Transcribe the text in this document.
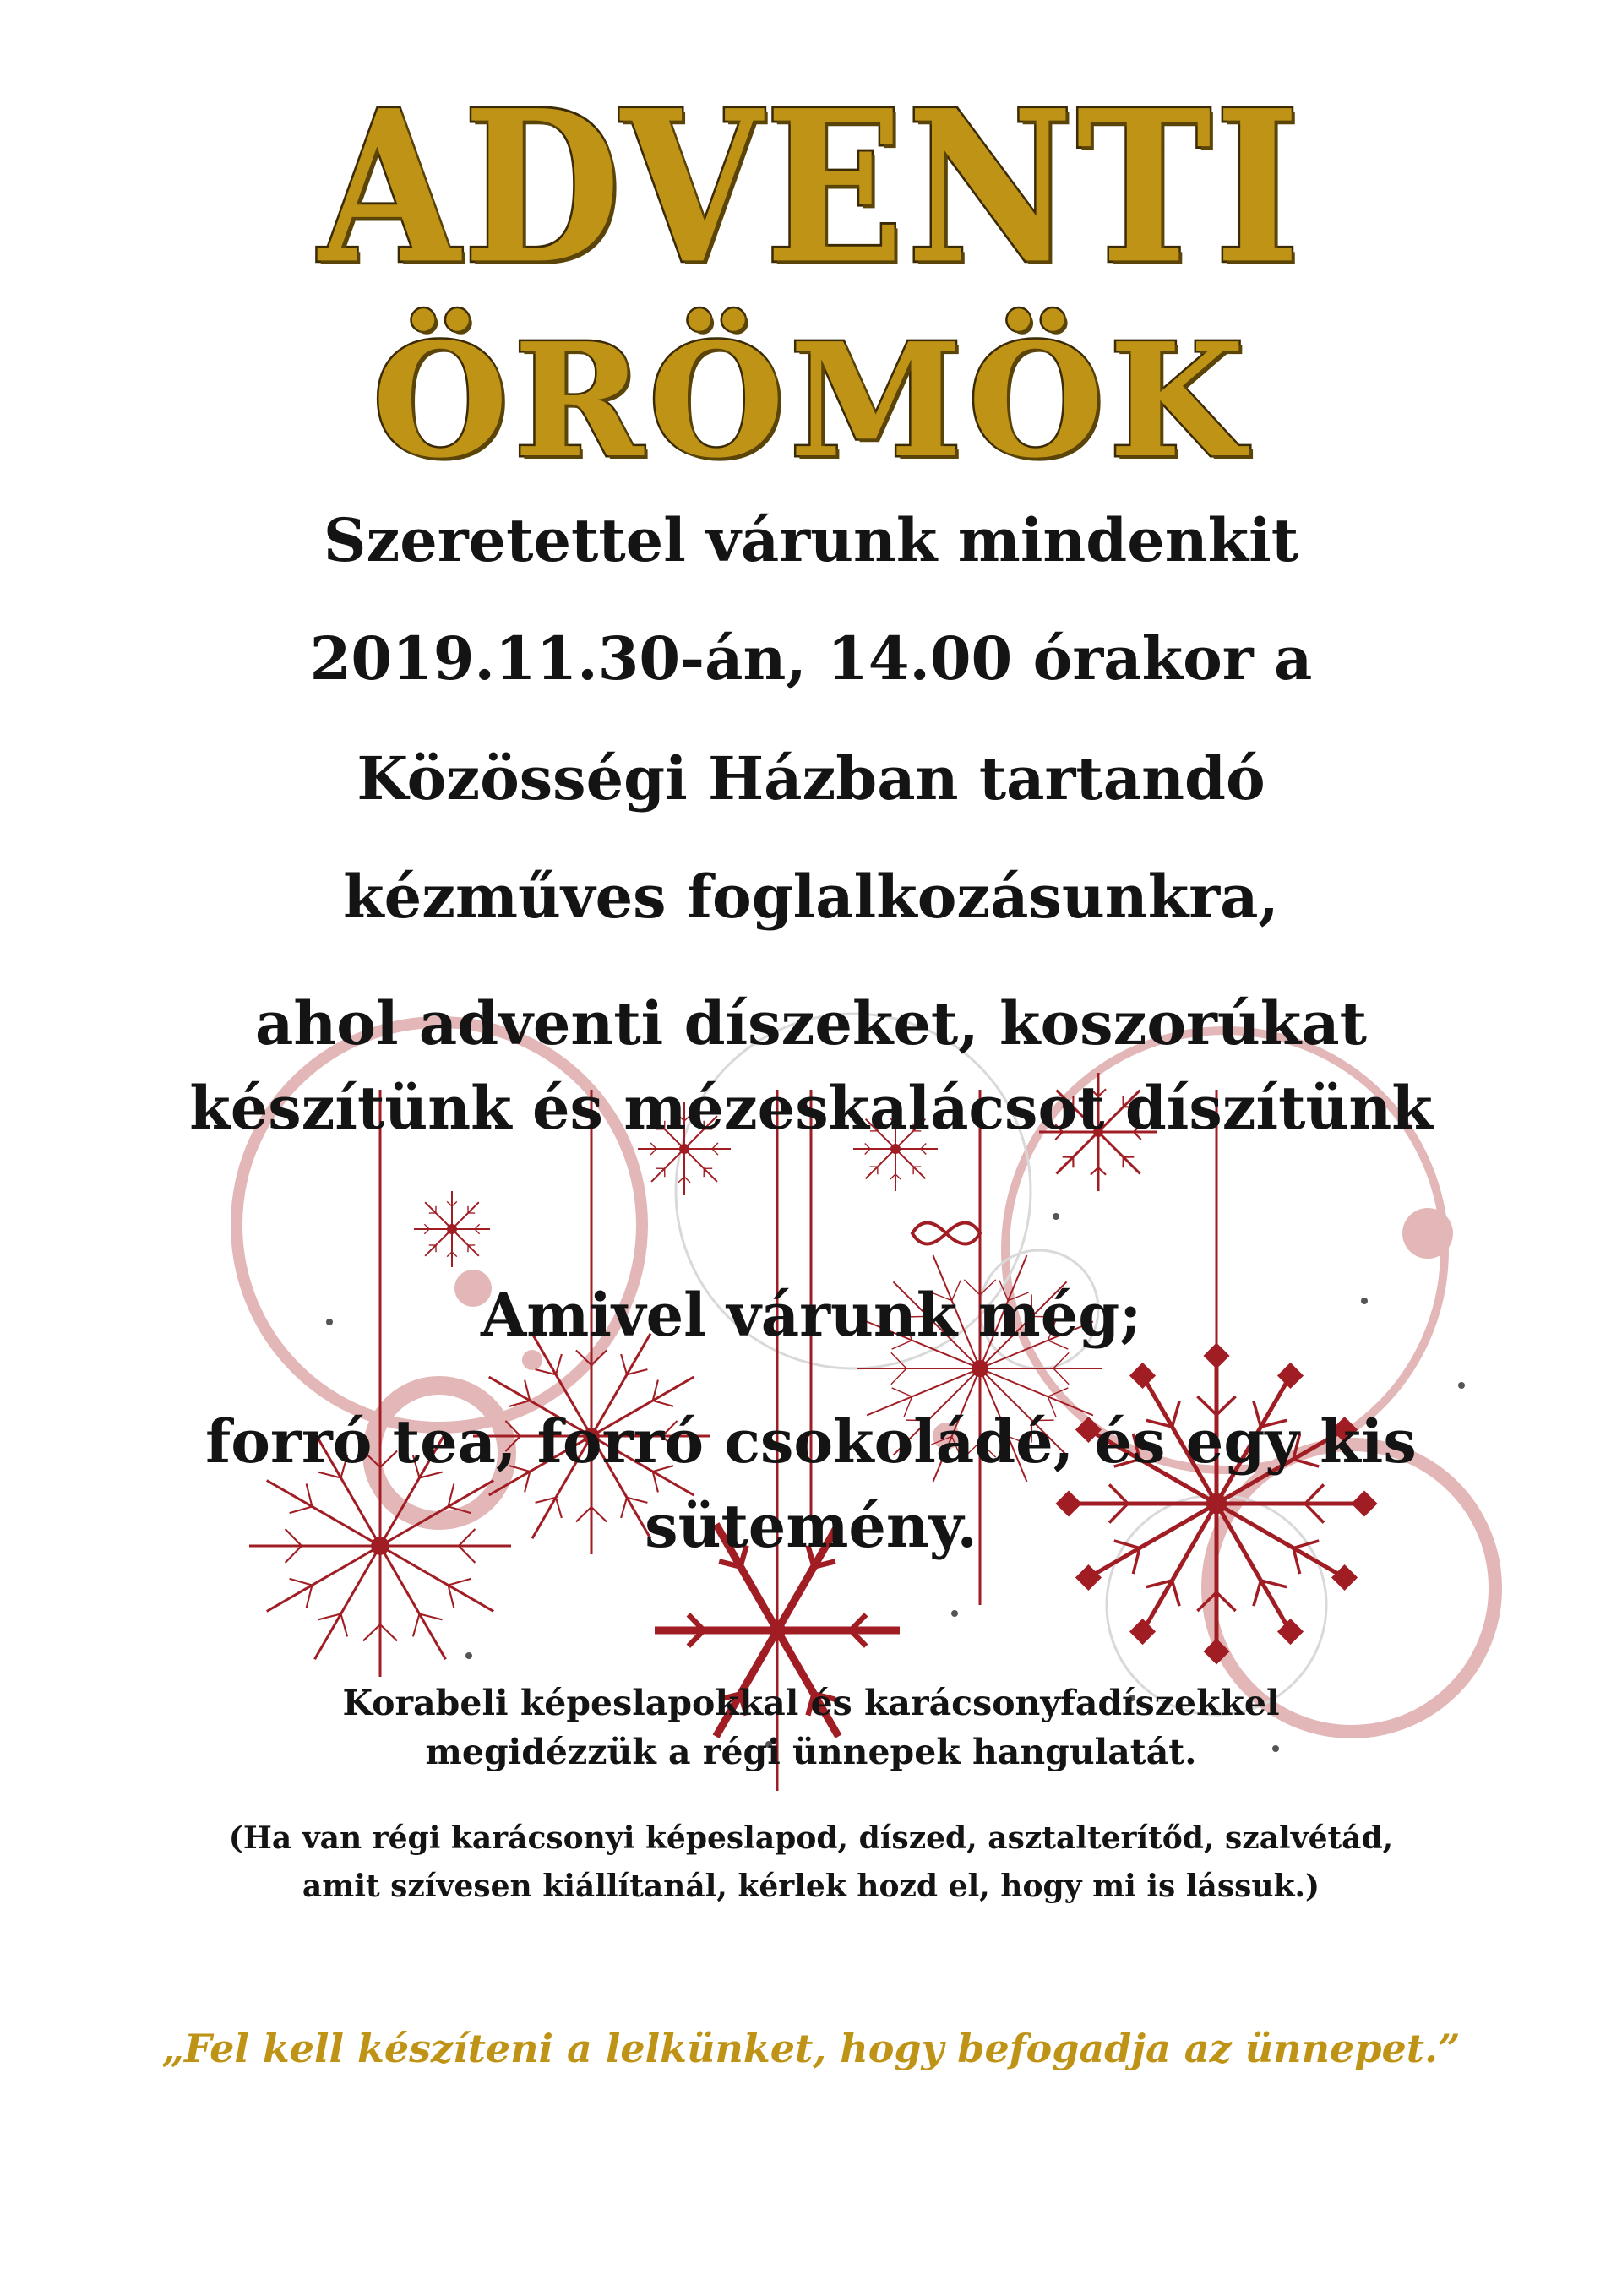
ADVENTI
ÖRÖMÖK

Szeretettel várunk mindenkit

2019.11.30-án, 14.00 órakor a

Közösségi Házban tartandó

kézműves foglalkozásunkra,

ahol adventi díszeket, koszorúkat

készítünk és mézeskalácsot díszítünk

Amivel várunk még;

forró tea, forró csokoládé, és egy kis

sütemény.

Korabeli képeslapokkal és karácsonyfadíszekkel

megidézzük a régi ünnepek hangulatát.

(Ha van régi karácsonyi képeslapod, díszed, asztalterítőd, szalvétád,

amit szívesen kiállítanál, kérlek hozd el, hogy mi is lássuk.)

„Fel kell készíteni a lelkünket, hogy befogadja az ünnepet.”
